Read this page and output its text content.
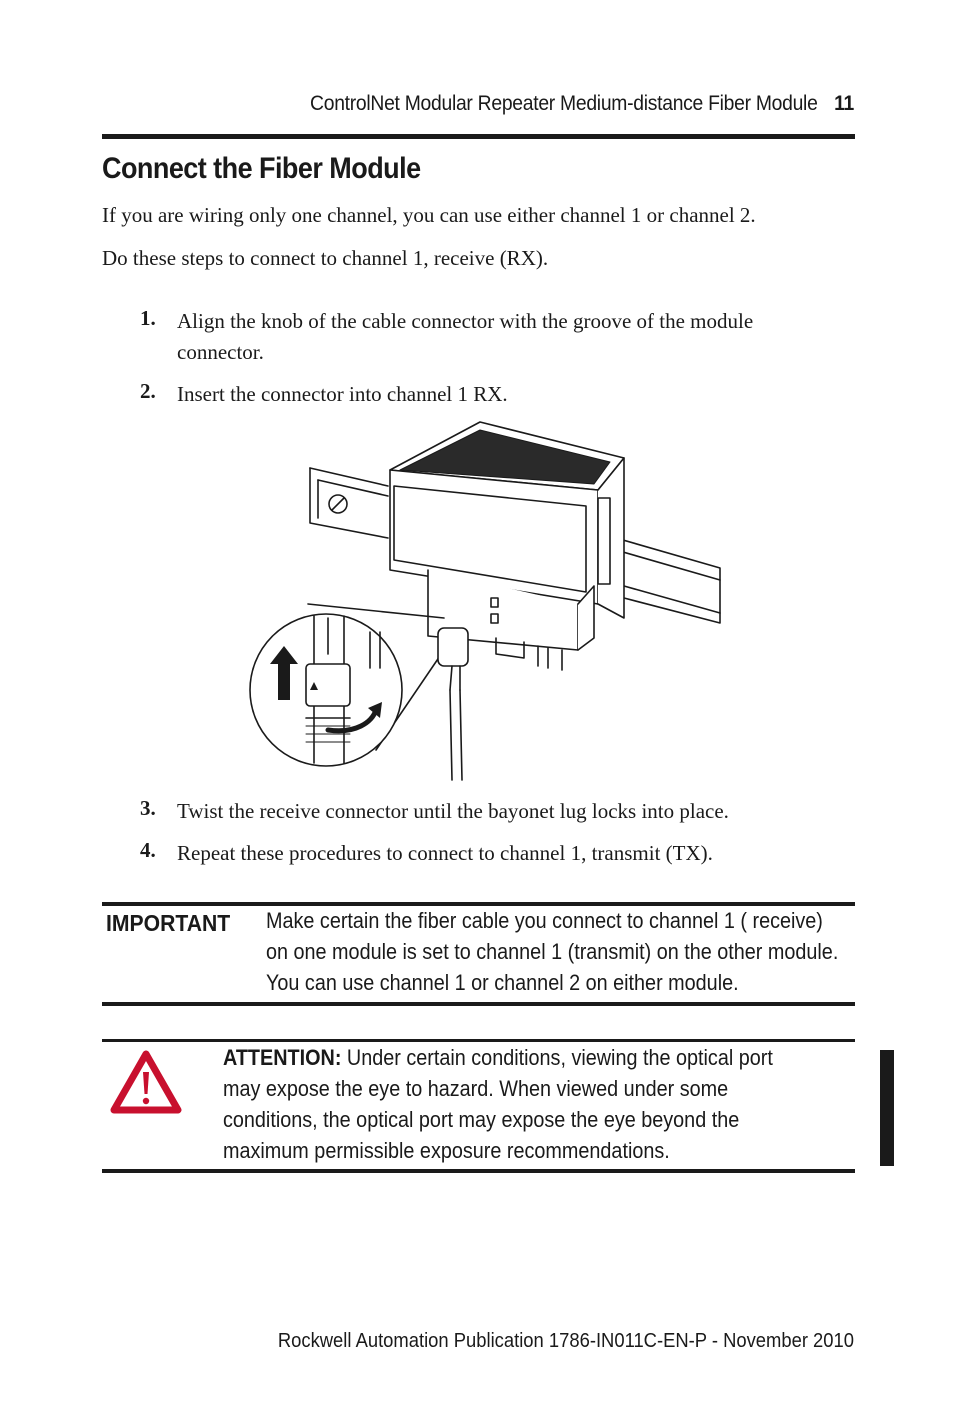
ControlNet Modular Repeater Medium-distance Fiber Module 11
Connect the Fiber Module

If you are wiring only one channel, you can use either channel 1 or channel 2.

Do these steps to connect to channel 1, receive (RX).

1. Align the knob of the cable connector with the groove of the module connector.
2. Insert the connector into channel 1 RX.
3. Twist the receive connector until the bayonet lug locks into place.
4. Repeat these procedures to connect to channel 1, transmit (TX).
IMPORTANT Make certain the fiber cable you connect to channel 1 ( receive) on one module is set to channel 1 (transmit) on the other module. You can use channel 1 or channel 2 on either module.
ATTENTION: Under certain conditions, viewing the optical port may expose the eye to hazard. When viewed under some conditions, the optical port may expose the eye beyond the maximum permissible exposure recommendations.
Rockwell Automation Publication 1786-IN011C-EN-P - November 2010
